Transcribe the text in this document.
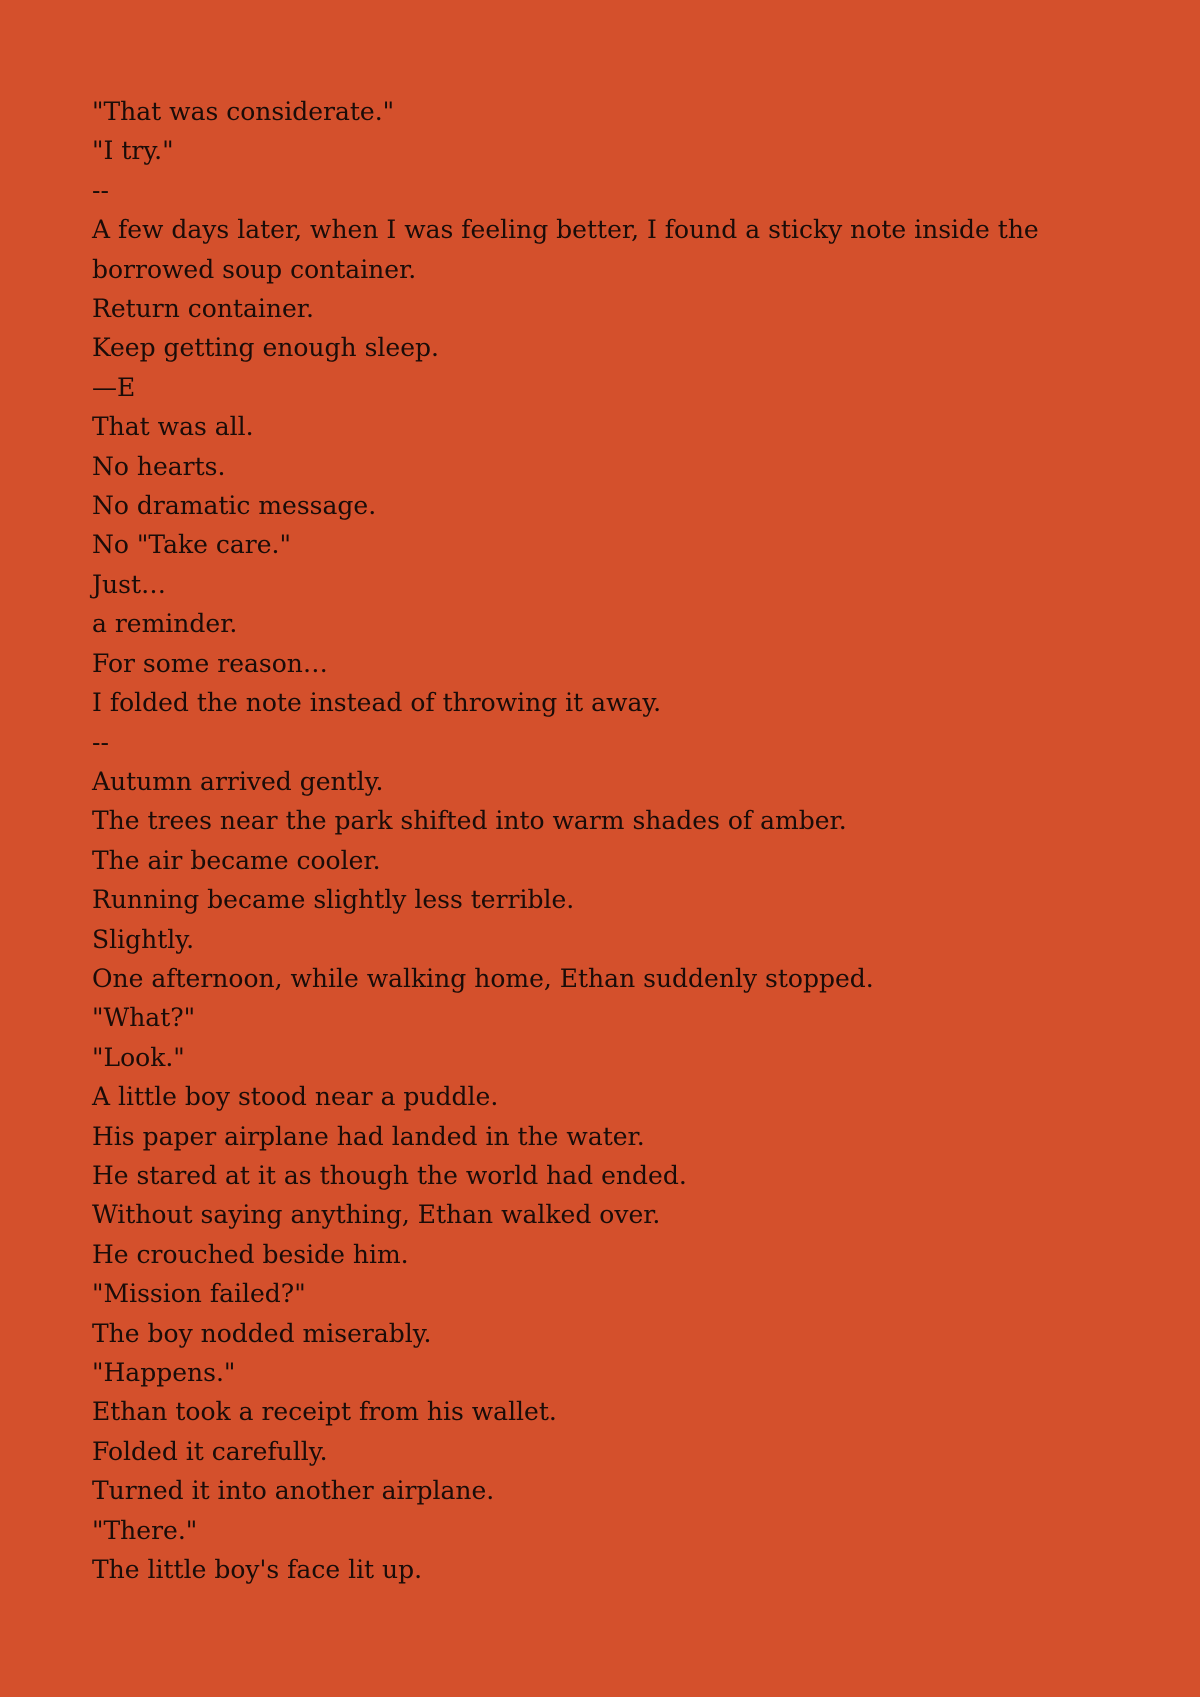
"That was considerate."
"I try."
--
A few days later, when I was feeling better, I found a sticky note inside the borrowed soup container.
Return container.
Keep getting enough sleep.
—E
That was all.
No hearts.
No dramatic message.
No "Take care."
Just…
a reminder.
For some reason…
I folded the note instead of throwing it away.
--
Autumn arrived gently.
The trees near the park shifted into warm shades of amber.
The air became cooler.
Running became slightly less terrible.
Slightly.
One afternoon, while walking home, Ethan suddenly stopped.
"What?"
"Look."
A little boy stood near a puddle.
His paper airplane had landed in the water.
He stared at it as though the world had ended.
Without saying anything, Ethan walked over.
He crouched beside him.
"Mission failed?"
The boy nodded miserably.
"Happens."
Ethan took a receipt from his wallet.
Folded it carefully.
Turned it into another airplane.
"There."
The little boy's face lit up.
